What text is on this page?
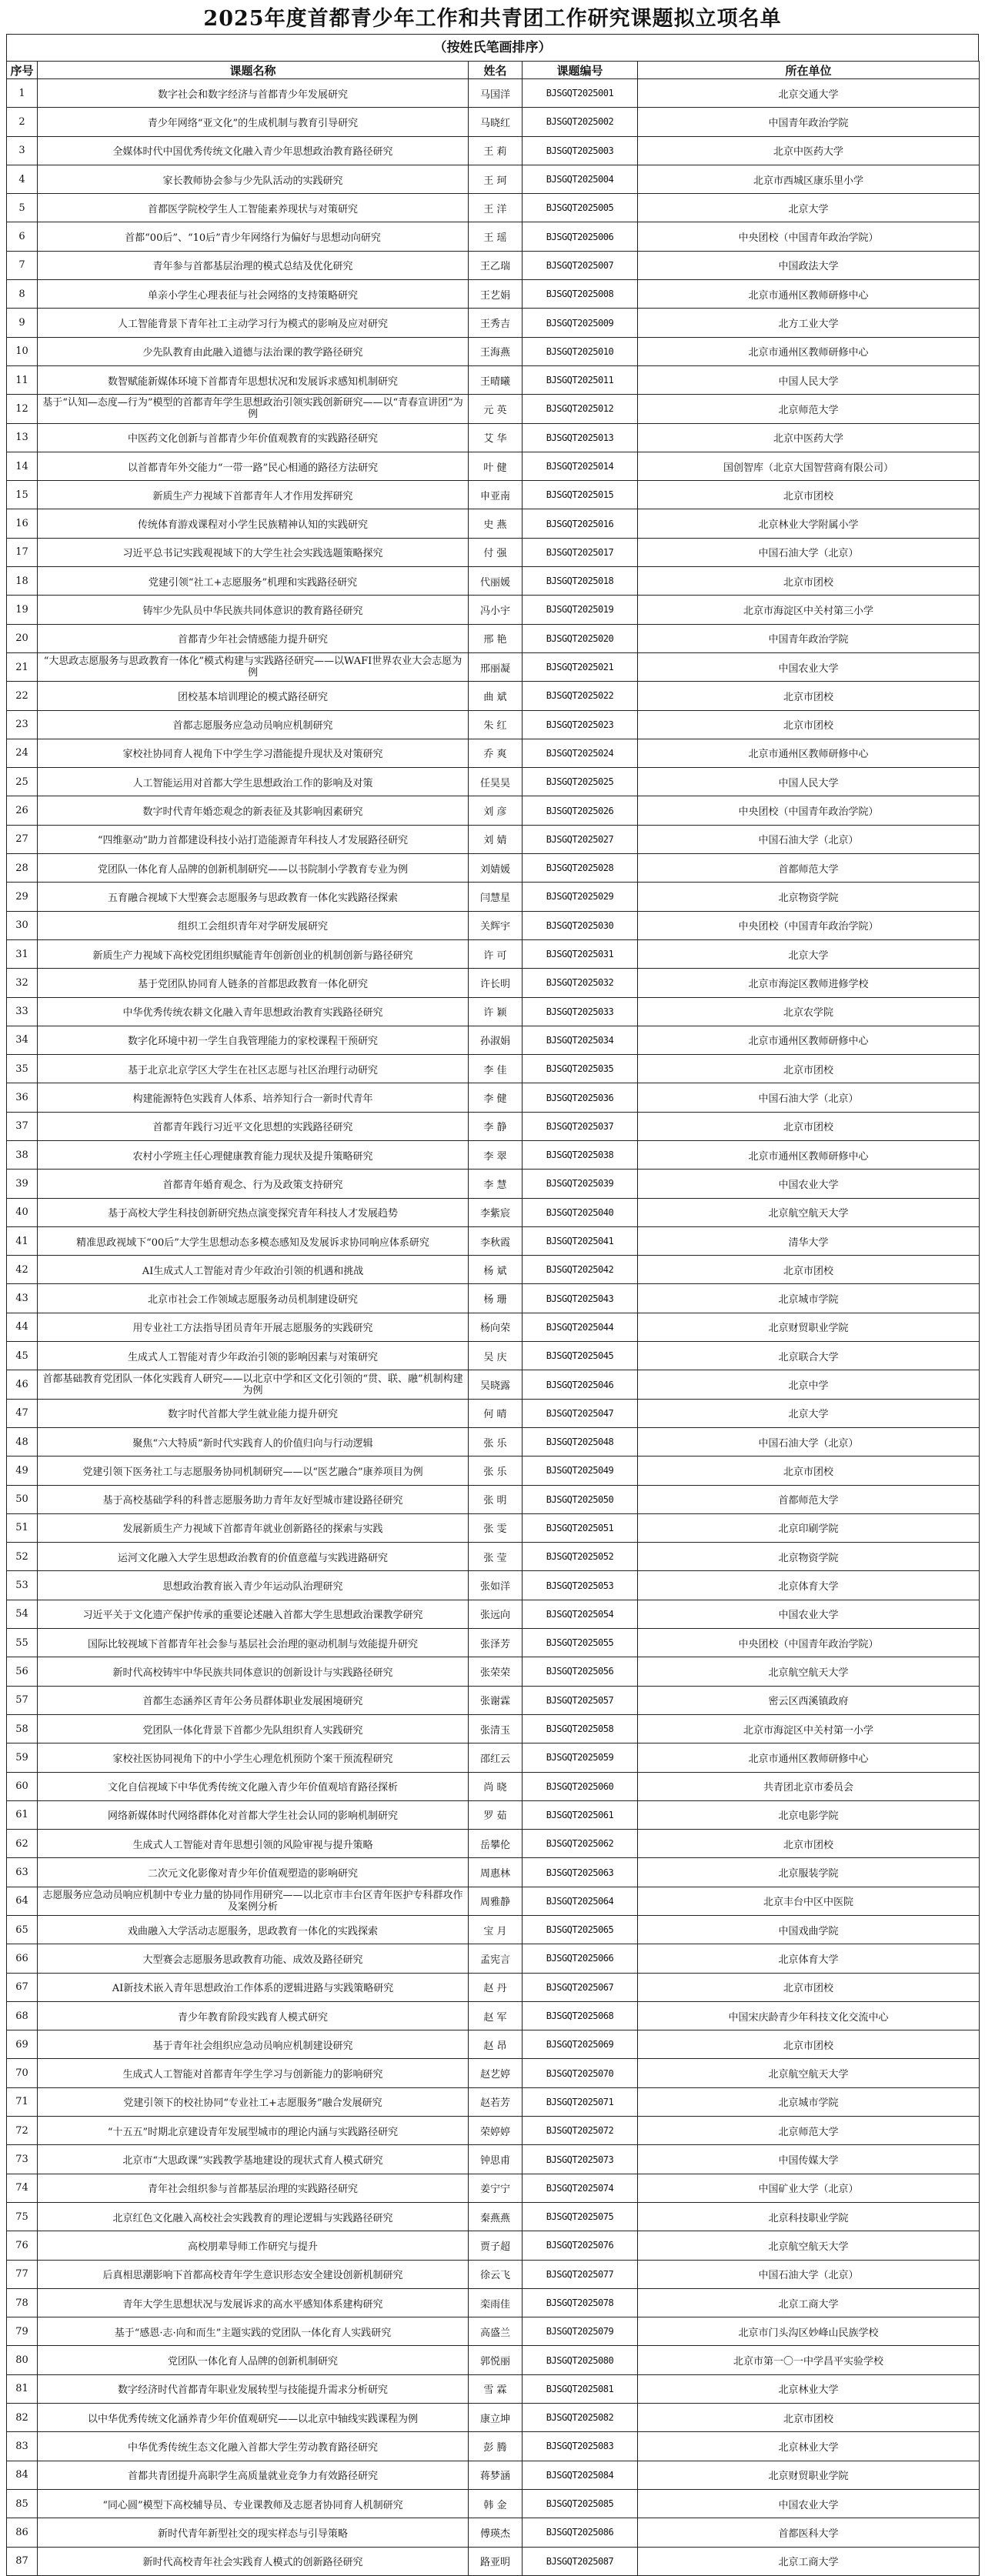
2025年度首都青少年工作和共青团工作研究课题拟立项名单
（按姓氏笔画排序）
序号	课题名称	姓名	课题编号	所在单位
1	数字社会和数字经济与首都青少年发展研究	马国洋	BJSGQT2025001	北京交通大学
2	青少年网络“亚文化”的生成机制与教育引导研究	马晓红	BJSGQT2025002	中国青年政治学院
3	全媒体时代中国优秀传统文化融入青少年思想政治教育路径研究	王 莉	BJSGQT2025003	北京中医药大学
4	家长教师协会参与少先队活动的实践研究	王 珂	BJSGQT2025004	北京市西城区康乐里小学
5	首都医学院校学生人工智能素养现状与对策研究	王 洋	BJSGQT2025005	北京大学
6	首都“00后”、“10后”青少年网络行为偏好与思想动向研究	王 瑶	BJSGQT2025006	中央团校（中国青年政治学院）
7	青年参与首都基层治理的模式总结及优化研究	王乙瑞	BJSGQT2025007	中国政法大学
8	单亲小学生心理表征与社会网络的支持策略研究	王艺娟	BJSGQT2025008	北京市通州区教师研修中心
9	人工智能背景下青年社工主动学习行为模式的影响及应对研究	王秀吉	BJSGQT2025009	北方工业大学
10	少先队教育由此融入道德与法治课的教学路径研究	王海燕	BJSGQT2025010	北京市通州区教师研修中心
11	数智赋能新媒体环境下首都青年思想状况和发展诉求感知机制研究	王晴曦	BJSGQT2025011	中国人民大学
12	基于“认知—态度—行为”模型的首都青年学生思想政治引领实践创新研究——以“青春宣讲团”为例	元 英	BJSGQT2025012	北京师范大学
13	中医药文化创新与首都青少年价值观教育的实践路径研究	艾 华	BJSGQT2025013	北京中医药大学
14	以首都青年外交能力“一带一路”民心相通的路径方法研究	叶 健	BJSGQT2025014	国创智库（北京大国智营商有限公司）
15	新质生产力视域下首都青年人才作用发挥研究	申亚南	BJSGQT2025015	北京市团校
16	传统体育游戏课程对小学生民族精神认知的实践研究	史 燕	BJSGQT2025016	北京林业大学附属小学
17	习近平总书记实践观视域下的大学生社会实践选题策略探究	付 强	BJSGQT2025017	中国石油大学（北京）
18	党建引领“社工+志愿服务”机理和实践路径研究	代丽媛	BJSGQT2025018	北京市团校
19	铸牢少先队员中华民族共同体意识的教育路径研究	冯小宇	BJSGQT2025019	北京市海淀区中关村第三小学
20	首都青少年社会情感能力提升研究	邢 艳	BJSGQT2025020	中国青年政治学院
21	“大思政志愿服务与思政教育一体化”模式构建与实践路径研究——以WAFI世界农业大会志愿为例	邢丽凝	BJSGQT2025021	中国农业大学
22	团校基本培训理论的模式路径研究	曲 斌	BJSGQT2025022	北京市团校
23	首都志愿服务应急动员响应机制研究	朱 红	BJSGQT2025023	北京市团校
24	家校社协同育人视角下中学生学习潜能提升现状及对策研究	乔 爽	BJSGQT2025024	北京市通州区教师研修中心
25	人工智能运用对首都大学生思想政治工作的影响及对策	任昊昊	BJSGQT2025025	中国人民大学
26	数字时代青年婚恋观念的新表征及其影响因素研究	刘 彦	BJSGQT2025026	中央团校（中国青年政治学院）
27	“四维驱动”助力首都建设科技小站打造能源青年科技人才发展路径研究	刘 婧	BJSGQT2025027	中国石油大学（北京）
28	党团队一体化育人品牌的创新机制研究——以书院制小学教育专业为例	刘婧媛	BJSGQT2025028	首都师范大学
29	五育融合视域下大型赛会志愿服务与思政教育一体化实践路径探索	闫慧星	BJSGQT2025029	北京物资学院
30	组织工会组织青年对学研发展研究	关辉宇	BJSGQT2025030	中央团校（中国青年政治学院）
31	新质生产力视域下高校党团组织赋能青年创新创业的机制创新与路径研究	许 可	BJSGQT2025031	北京大学
32	基于党团队协同育人链条的首都思政教育一体化研究	许长明	BJSGQT2025032	北京市海淀区教师进修学校
33	中华优秀传统农耕文化融入青年思想政治教育实践路径研究	许 颖	BJSGQT2025033	北京农学院
34	数字化环境中初一学生自我管理能力的家校课程干预研究	孙淑娟	BJSGQT2025034	北京市通州区教师研修中心
35	基于北京北京学区大学生在社区志愿与社区治理行动研究	李 佳	BJSGQT2025035	北京市团校
36	构建能源特色实践育人体系、培养知行合一新时代青年	李 健	BJSGQT2025036	中国石油大学（北京）
37	首都青年践行习近平文化思想的实践路径研究	李 静	BJSGQT2025037	北京市团校
38	农村小学班主任心理健康教育能力现状及提升策略研究	李 翠	BJSGQT2025038	北京市通州区教师研修中心
39	首都青年婚育观念、行为及政策支持研究	李 慧	BJSGQT2025039	中国农业大学
40	基于高校大学生科技创新研究热点演变探究青年科技人才发展趋势	李紫宸	BJSGQT2025040	北京航空航天大学
41	精准思政视域下“00后”大学生思想动态多模态感知及发展诉求协同响应体系研究	李秋霞	BJSGQT2025041	清华大学
42	AI生成式人工智能对青少年政治引领的机遇和挑战	杨 斌	BJSGQT2025042	北京市团校
43	北京市社会工作领域志愿服务动员机制建设研究	杨 珊	BJSGQT2025043	北京城市学院
44	用专业社工方法指导团员青年开展志愿服务的实践研究	杨向荣	BJSGQT2025044	北京财贸职业学院
45	生成式人工智能对青少年政治引领的影响因素与对策研究	吴 庆	BJSGQT2025045	北京联合大学
46	首都基础教育党团队一体化实践育人研究——以北京中学和区文化引领的“贯、联、融”机制构建为例	吴晓露	BJSGQT2025046	北京中学
47	数字时代首都大学生就业能力提升研究	何 晴	BJSGQT2025047	北京大学
48	聚焦“六大特质”新时代实践育人的价值归向与行动逻辑	张 乐	BJSGQT2025048	中国石油大学（北京）
49	党建引领下医务社工与志愿服务协同机制研究——以“医艺融合”康养项目为例	张 乐	BJSGQT2025049	北京市团校
50	基于高校基础学科的科普志愿服务助力青年友好型城市建设路径研究	张 明	BJSGQT2025050	首都师范大学
51	发展新质生产力视域下首都青年就业创新路径的探索与实践	张 雯	BJSGQT2025051	北京印刷学院
52	运河文化融入大学生思想政治教育的价值意蕴与实践进路研究	张 莹	BJSGQT2025052	北京物资学院
53	思想政治教育嵌入青少年运动队治理研究	张如洋	BJSGQT2025053	北京体育大学
54	习近平关于文化遗产保护传承的重要论述融入首都大学生思想政治课教学研究	张远向	BJSGQT2025054	中国农业大学
55	国际比较视域下首都青年社会参与基层社会治理的驱动机制与效能提升研究	张泽芳	BJSGQT2025055	中央团校（中国青年政治学院）
56	新时代高校铸牢中华民族共同体意识的创新设计与实践路径研究	张荣荣	BJSGQT2025056	北京航空航天大学
57	首都生态涵养区青年公务员群体职业发展困境研究	张谢霖	BJSGQT2025057	密云区西溪镇政府
58	党团队一体化背景下首都少先队组织育人实践研究	张清玉	BJSGQT2025058	北京市海淀区中关村第一小学
59	家校社医协同视角下的中小学生心理危机预防个案干预流程研究	邵红云	BJSGQT2025059	北京市通州区教师研修中心
60	文化自信视域下中华优秀传统文化融入青少年价值观培育路径探析	尚 晓	BJSGQT2025060	共青团北京市委员会
61	网络新媒体时代网络群体化对首都大学生社会认同的影响机制研究	罗 茹	BJSGQT2025061	北京电影学院
62	生成式人工智能对青年思想引领的风险审视与提升策略	岳攀伦	BJSGQT2025062	北京市团校
63	二次元文化影像对青少年价值观塑造的影响研究	周惠林	BJSGQT2025063	北京服装学院
64	志愿服务应急动员响应机制中专业力量的协同作用研究——以北京市丰台区青年医护专科群攻作及案例分析	周雅静	BJSGQT2025064	北京丰台中区中医院
65	戏曲融入大学活动志愿服务，思政教育一体化的实践探索	宝 月	BJSGQT2025065	中国戏曲学院
66	大型赛会志愿服务思政教育功能、成效及路径研究	孟宪言	BJSGQT2025066	北京体育大学
67	AI新技术嵌入青年思想政治工作体系的逻辑进路与实践策略研究	赵 丹	BJSGQT2025067	北京市团校
68	青少年教育阶段实践育人模式研究	赵 军	BJSGQT2025068	中国宋庆龄青少年科技文化交流中心
69	基于青年社会组织应急动员响应机制建设研究	赵 昂	BJSGQT2025069	北京市团校
70	生成式人工智能对首都青年学生学习与创新能力的影响研究	赵艺婷	BJSGQT2025070	北京航空航天大学
71	党建引领下的校社协同“专业社工+志愿服务”融合发展研究	赵若芳	BJSGQT2025071	北京城市学院
72	“十五五”时期北京建设青年发展型城市的理论内涵与实践路径研究	荣婷婷	BJSGQT2025072	北京师范大学
73	北京市“大思政课”实践教学基地建设的现状式育人模式研究	钟思甫	BJSGQT2025073	中国传媒大学
74	青年社会组织参与首都基层治理的实践路径研究	姜宁宁	BJSGQT2025074	中国矿业大学（北京）
75	北京红色文化融入高校社会实践教育的理论逻辑与实践路径研究	秦燕燕	BJSGQT2025075	北京科技职业学院
76	高校朋辈导师工作研究与提升	贾子超	BJSGQT2025076	北京航空航天大学
77	后真相思潮影响下首都高校青年学生意识形态安全建设创新机制研究	徐云飞	BJSGQT2025077	中国石油大学（北京）
78	青年大学生思想状况与发展诉求的高水平感知体系建构研究	栾雨佳	BJSGQT2025078	北京工商大学
79	基于“感恩·志·向和而生”主题实践的党团队一体化育人实践研究	高盛兰	BJSGQT2025079	北京市门头沟区妙峰山民族学校
80	党团队一体化育人品牌的创新机制研究	郭悦丽	BJSGQT2025080	北京市第一〇一中学昌平实验学校
81	数字经济时代首都青年职业发展转型与技能提升需求分析研究	雪 霖	BJSGQT2025081	北京林业大学
82	以中华优秀传统文化涵养青少年价值观研究——以北京中轴线实践课程为例	康立坤	BJSGQT2025082	北京市团校
83	中华优秀传统生态文化融入首都大学生劳动教育路径研究	彭 腾	BJSGQT2025083	北京林业大学
84	首都共青团提升高职学生高质量就业竞争力有效路径研究	蒋梦涵	BJSGQT2025084	北京财贸职业学院
85	“同心圆”模型下高校辅导员、专业课教师及志愿者协同育人机制研究	韩 金	BJSGQT2025085	中国农业大学
86	新时代青年新型社交的现实样态与引导策略	傅瑛杰	BJSGQT2025086	首都医科大学
87	新时代高校青年社会实践育人模式的创新路径研究	路亚明	BJSGQT2025087	北京工商大学
